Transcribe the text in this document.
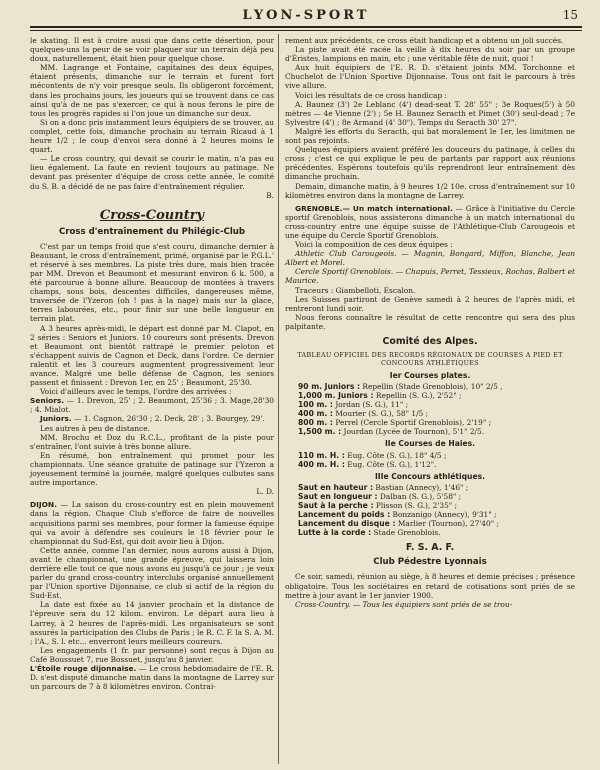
LYON-SPORT	15

le skating. Il est à croire aussi que dans cette désertion, pour quelques-uns la peur de se voir plaquer sur un terrain déjà peu doux, naturellement, était bien pour quelque chose.

MM. Lagrange et Fontaine, capitaines des deux équipes, étaient présents, dimanche sur le terrain et furent fort mécontents de n'y voir presque seuls. Ils obligeront forcément, dans les prochains jours, les joueurs qui se trouvent dans ce cas ainsi qu'à de ne pas s'exercer, ce qui à nous ferons le pire de tous les progrès rapides si l'on joue un dimanche sur deux.

Si on a donc pris instamment leurs équipiers de se trouver, au complet, cette fois, dimanche prochain au terrain Ricaud à 1 heure 1/2 ; le coup d'envoi sera donné à 2 heures moins le quart.

— Le cross country, qui devait se courir le matin, n'a pas eu lieu également. La faute en revient toujours au patinage. Ne devant pas présenter d'équipe de cross cette année, le comité du S. B. a décidé de ne pas faire d'entraînement régulier.

B.

Cross-Country
Cross d'entraînement du Philégic-Club

C'est par un temps froid que s'est couru, dimanche dernier à Beaunant, le cross d'entraînement, primé, organisé par le P.G.L.' et réservé à ses membres. La piste très dure, mais bien tracée par MM. Drevon et Beaumont et mesurant environ 6 k. 500, a été parcourue à bonne allure. Beaucoup de montées à travers champs, sous bois, descentes difficiles, dangereuses même, traversée de l'Yzeron (oh ! pas à la nage) mais sur la glace, terres labourées, etc., pour finir sur une belle longueur en terrain plat.

A 3 heures après-midi, le départ est donné par M. Clapot, en 2 séries : Seniors et Juniors. 10 coureurs sont présents. Drevon et Beaumont ont bientôt rattrapé le premier peloton et s'échappent suivis de Cagnon et Deck, dans l'ordre. Ce dernier ralentit et les 3 coureurs augmentent progressivement leur avance. Malgré une belle défense de Cagnon, les seniors passent et finissent : Drevon 1er, en 25' ; Beaumont, 25'30.

Voici d'ailleurs avec le temps, l'ordre des arrivées :

Seniors. — 1. Drevon, 25' ; 2. Beaumont, 25'36 ; 3. Mage,28'30 ; 4. Mialot.

Juniors. — 1. Cagnon, 26'30 ; 2. Deck, 28' ; 3. Bourgey, 29'.

Les autres à peu de distance.

MM. Brochu et Doz du R.C.L., profitant de la piste pour s'entraîner, l'ont suivie à très bonne allure.

En résumé, bon entraînement qui promet pour les championnats. Une séance gratuite de patinage sur l'Yzeron a joyeusement terminé la journée, malgré quelques culbutes sans autre importance.

L. D.

DIJON. — La saison du cross-country est en plein mouvement dans la région. Chaque Club s'efforce de faire de nouvelles acquisitions parmi ses membres, pour former la fameuse équipe qui va avoir à défendre ses couleurs le 18 février pour le championnat du Sud-Est, qui doit avoir lieu à Dijon.

Cette année, comme l'an dernier, nous aurons aussi à Dijon, avant le championnat, une grande épreuve, qui laissera loin derrière elle tout ce que nous avons eu jusqu'à ce jour ; je veux parler du grand cross-country interclubs organisé annuellement par l'Union sportive Dijonnaise, ce club si actif de la région du Sud-Est.

La date est fixée au 14 janvier prochain et la distance de l'épreuve sera du 12 kilom. environ. Le départ aura lieu à Larrey, à 2 heures de l'après-midi. Les organisateurs se sont assurés la participation des Clubs de Paris ; le R. C. F. la S. A. M. ; l'A., S. l. etc... enverront leurs meilleurs coureurs.

Les engagements (1 fr. par personne) sont reçus à Dijon au Café Boussuet 7, rue Bossuet, jusqu'au 8 janvier.

L'Étoile rouge dijonnaise. — Le cross hebdomadaire de l'E. R. D. s'est disputé dimanche matin dans la montagne de Larrey sur un parcours de 7 à 8 kilomètres environ. Contrai-

rement aux précédents, ce cross était handicap et a obtenu un joli succès.

La piste avait été racée la veille à dix heures du soir par un groupe d'Éristes, lampions en main, etc ; une véritable fête de nuit, quoi !

Aux huit équipiers de l'E. R. D. s'étaient joints MM. Torchonne et Chuchelot de l'Union Sportive Dijonnaise. Tous ont fait le parcours à très vive allure.

Voici les résultats de ce cross handicap :

A. Baunez (3') 2e Leblanc (4') dead-seat T. 28' 55" ; 3e Roques(5') à 50 mètres — 4e Vienne (2') ; 5e H. Baunez Seracth et Pimet (30') seul-dead ; 7e Sylvestre (4') ; 8e Armand (4' 30"). Temps du Seracth 30' 27".

Malgré les efforts du Seracth, qui bat moralement le 1er, les limitmen ne sont pas rejoints.

Quelques équipiers avaient préféré les douceurs du patinage, à celles du cross ; c'est ce qui explique le peu de partants par rapport aux réunions précédentes. Espérons toutefois qu'ils reprendront leur entraînement dès dimanche prochain.

Demain, dimanche matin, à 9 heures 1/2 10e. cross d'entraînement sur 10 kilomètres environ dans la montagne de Larrey.

GRENOBLE.— Un match international. — Grâce à l'initiative du Cercle sportif Grenoblois, nous assisterons dimanche à un match international du cross-country entre une équipe suisse de l'Athlétique-Club Carougeois et une équipe du Cercle Sportif Grenoblois.

Voici la composition de ces deux équipes :

Athletic Club Carougeois. — Magnin, Bongard, Miffon, Blanche, Jean Albert et Morel.

Cercle Sportif Grenoblois. — Chapuis, Perret, Tessieux, Rochas, Balbert et Maurice.

Traceurs : Giambelloti, Escalon.

Les Suisses partiront de Genève samedi à 2 heures de l'après midi, et rentreront lundi soir.

Nous ferons connaître le résultat de cette rencontre qui sera des plus palpitante.

Comité des Alpes.
TABLEAU OFFICIEL DES RECORDS RÉGIONAUX DE COURSES A PIED ET CONCOURS ATHLÉTIQUES
Ier Courses plates.

90 m. Juniors : Repellin (Stade Grenoblois), 10" 2/5 ,

1,000 m. Juniors : Repellin (S. G.), 2'52" ;

100 m. : Jordan (S. G.), 11" ;

400 m. : Mourier (S. G.), 58" 1/5 ;

800 m. : Perrel (Cercle Sportif Grenoblois), 2'19" ;

1,500 m. : Jourdan (Lycée de Tournon), 5'1" 2/5.

IIe Courses de Haies.

110 m. H. : Eug. Côte (S. G.), 18" 4/5 ;

400 m. H. : Eug. Côte (S. G.), 1'12".

IIIe Concours athlétiques.

Saut en hauteur : Bastian (Annecy), 1'46" ;

Saut en longueur : Dalban (S. G.), 5'58" ;

Saut à la perche : Plisson (S. G.), 2'35" ;

Lancement du poids : Bonzanigo (Annecy), 9'31" ;

Lancement du disque : Marlier (Tournon), 27'40" ;

Lutte à la corde : Stade Grenoblois.

F. S. A. F.
Club Pédestre Lyonnais

Ce soir, samedi, réunion au siège, à 8 heures et demie précises ; présence obligatoire. Tous les sociétaires en retard de cotisations sont priés de se mettre à jour avant le 1er janvier 1900.

Cross-Country. — Tous les équipiers sont priés de se trou-
